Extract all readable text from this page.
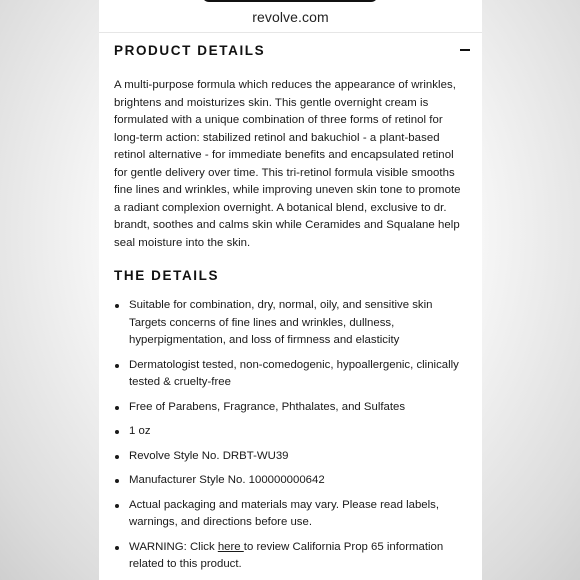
revolve.com
PRODUCT DETAILS
A multi-purpose formula which reduces the appearance of wrinkles, brightens and moisturizes skin. This gentle overnight cream is formulated with a unique combination of three forms of retinol for long-term action: stabilized retinol and bakuchiol - a plant-based retinol alternative - for immediate benefits and encapsulated retinol for gentle delivery over time. This tri-retinol formula visible smooths fine lines and wrinkles, while improving uneven skin tone to promote a radiant complexion overnight. A botanical blend, exclusive to dr. brandt, soothes and calms skin while Ceramides and Squalane help seal moisture into the skin.
THE DETAILS
Suitable for combination, dry, normal, oily, and sensitive skin Targets concerns of fine lines and wrinkles, dullness, hyperpigmentation, and loss of firmness and elasticity
Dermatologist tested, non-comedogenic, hypoallergenic, clinically tested & cruelty-free
Free of Parabens, Fragrance, Phthalates, and Sulfates
1 oz
Revolve Style No. DRBT-WU39
Manufacturer Style No. 100000000642
Actual packaging and materials may vary. Please read labels, warnings, and directions before use.
WARNING: Click here to review California Prop 65 information related to this product.
